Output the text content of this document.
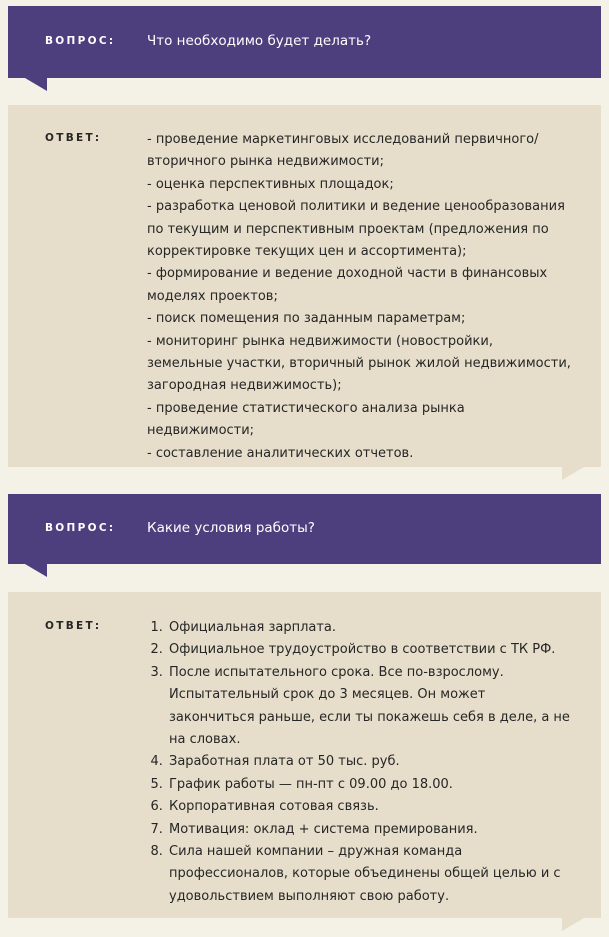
ВОПРОС: Что необходимо будет делать?
ОТВЕТ:	- проведение маркетинговых исследований первичного/ вторичного рынка недвижимости;

- оценка перспективных площадок;

- разработка ценовой политики и ведение ценообразования по текущим и перспективным проектам (предложения по корректировке текущих цен и ассортимента);

- формирование и ведение доходной части в финансовых моделях проектов;

- поиск помещения по заданным параметрам;

- мониторинг рынка недвижимости (новостройки, земельные участки, вторичный рынок жилой недвижимости, загородная недвижимость);

- проведение статистического анализа рынка недвижимости;

- составление аналитических отчетов.

ВОПРОС: Какие условия работы?
ОТВЕТ:
1.	Официальная зарплата.
2. Официальное трудоустройство в соответствии с ТК РФ.
3. После испытательного срока. Все по-взрослому. Испытательный срок до 3 месяцев. Он может закончиться раньше, если ты покажешь себя в деле, а не на словах.
4. Заработная плата от 50 тыс. руб.
5. График работы — пн-пт с 09.00 до 18.00.
6. Корпоративная сотовая связь.
7. Мотивация: оклад + система премирования.
8. Сила нашей компании – дружная команда профессионалов, которые объединены общей целью и с удовольствием выполняют свою работу.
